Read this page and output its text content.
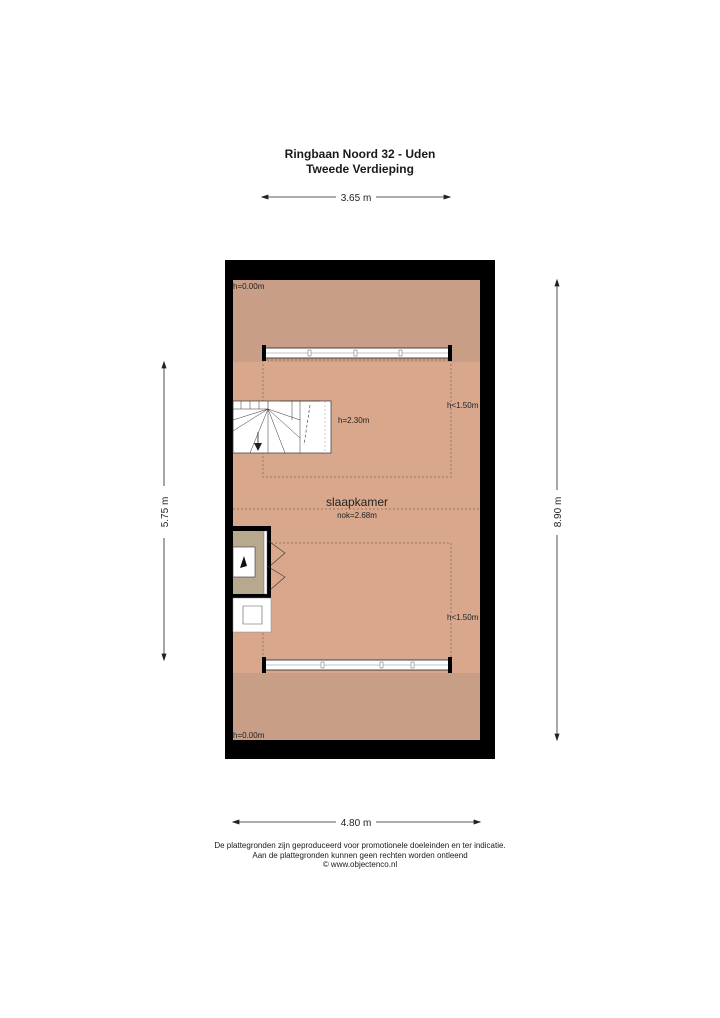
Ringbaan Noord 32 - Uden
Tweede Verdieping
3.65 m
4.80 m
5.75 m	8.90 m
h=0.00m
h=0.00m
h=2.30m
h<1.50m
h<1.50m
slaapkamer
nok=2.68m
De plattegronden zijn geproduceerd voor promotionele doeleinden en ter indicatie.
Aan de plattegronden kunnen geen rechten worden ontleend
© www.objectenco.nl
